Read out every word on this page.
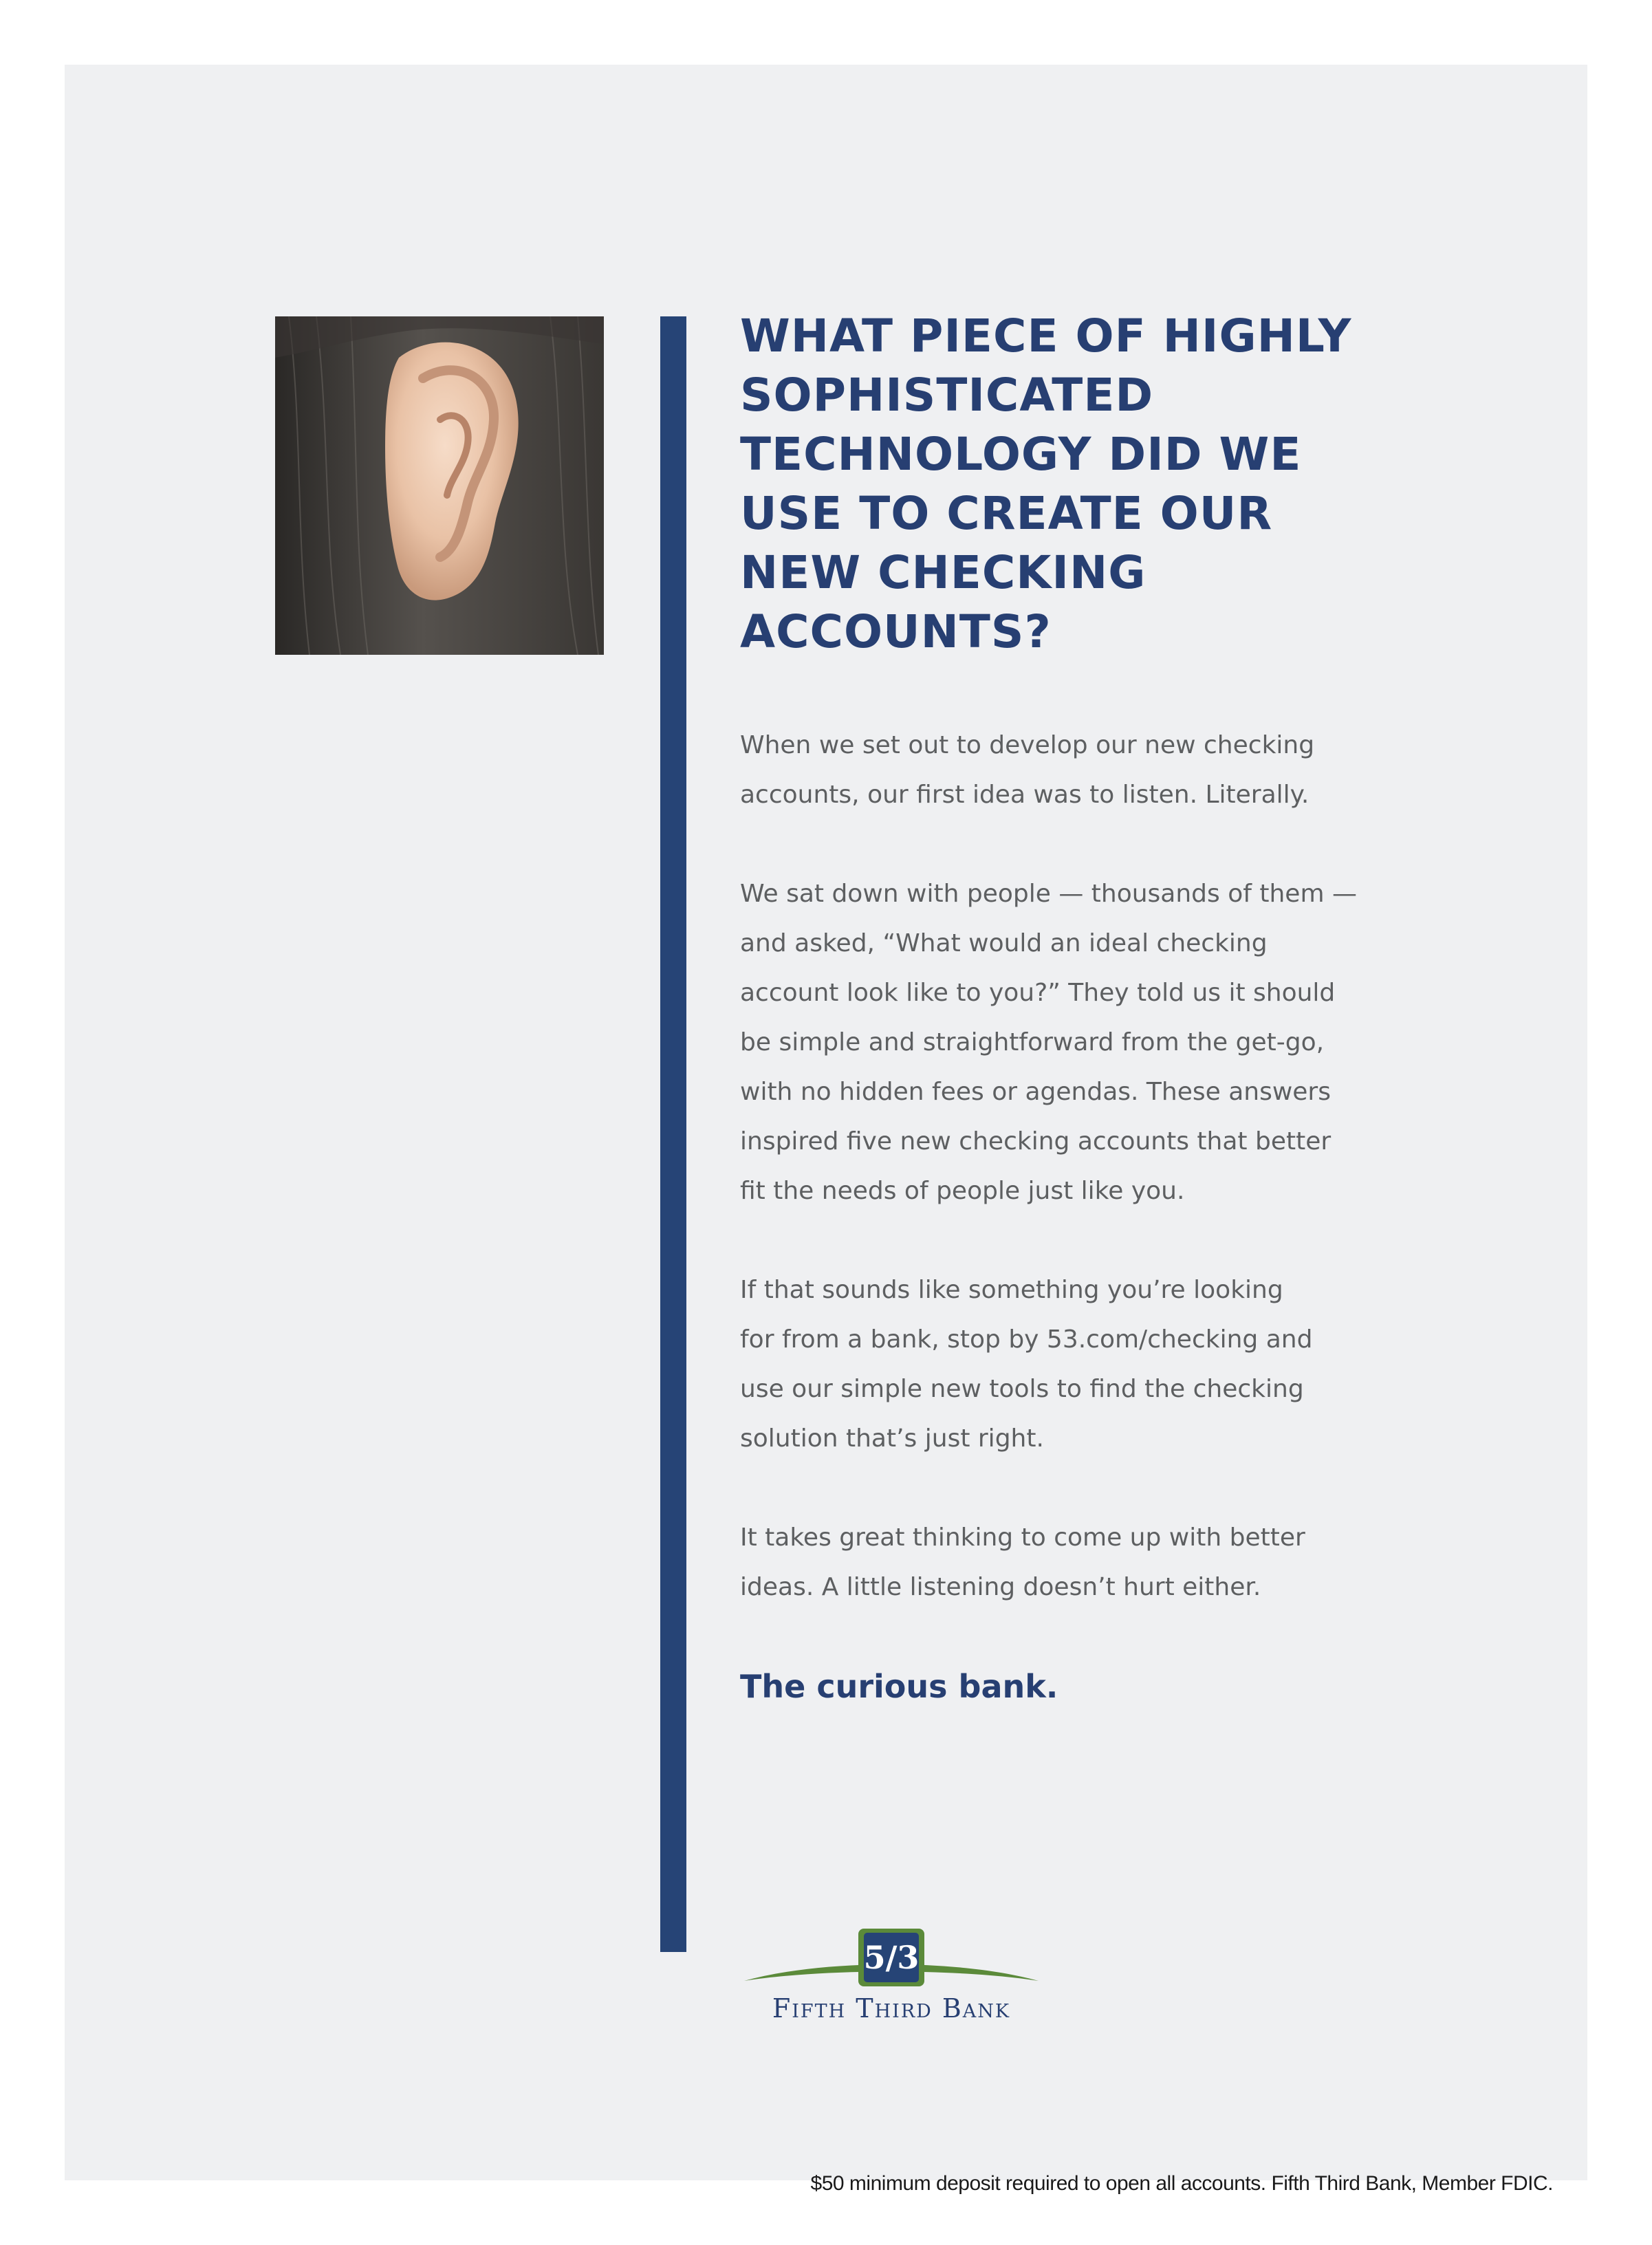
WHAT PIECE OF HIGHLY
SOPHISTICATED
TECHNOLOGY DID WE
USE TO CREATE OUR
NEW CHECKING
ACCOUNTS?

When we set out to develop our new checking
accounts, our first idea was to listen. Literally.

We sat down with people — thousands of them —
and asked, “What would an ideal checking
account look like to you?” They told us it should
be simple and straightforward from the get-go,
with no hidden fees or agendas. These answers
inspired five new checking accounts that better
fit the needs of people just like you.

If that sounds like something you’re looking
for from a bank, stop by 53.com/checking and
use our simple new tools to find the checking
solution that’s just right.

It takes great thinking to come up with better
ideas. A little listening doesn’t hurt either.

The curious bank.
5/3
Fifth Third Bank
$50 minimum deposit required to open all accounts. Fifth Third Bank, Member FDIC.
